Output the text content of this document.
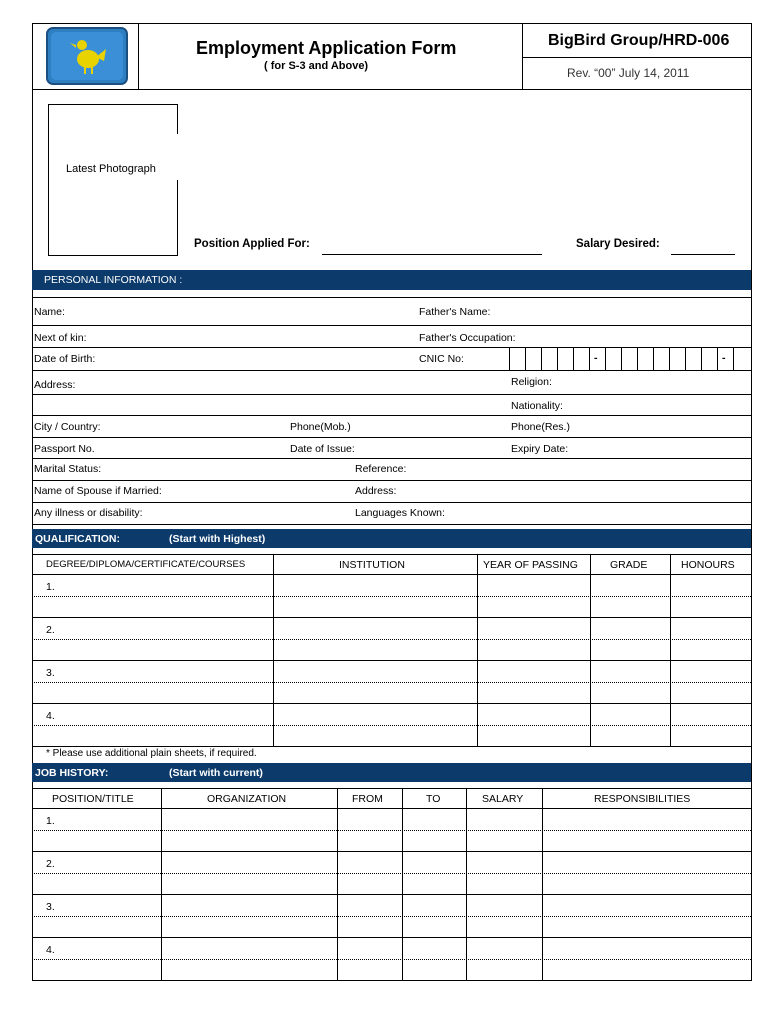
Employment Application Form
( for S-3 and Above)
BigBird Group/HRD-006
Rev. “00” July 14, 2011
Latest Photograph
Position Applied For:	Salary Desired:
PERSONAL INFORMATION :
Name:	Father's Name:
Next of kin:	Father's Occupation:
Date of Birth:	CNIC No:	-	-
Address:	Religion:
Nationality:
City / Country:	Phone(Mob.)	Phone(Res.)
Passport No.	Date of Issue:	Expiry Date:
Marital Status:	Reference:
Name of Spouse if Married:	Address:
Any illness or disability:	Languages Known:
QUALIFICATION:	(Start with Highest)
DEGREE/DIPLOMA/CERTIFICATE/COURSES	INSTITUTION	YEAR OF PASSING	GRADE	HONOURS
1.
2.
3.
4.
* Please use additional plain sheets, if required.
JOB HISTORY:	(Start with current)
POSITION/TITLE	ORGANIZATION	FROM	TO	SALARY	RESPONSIBILITIES
1.
2.
3.
4.
